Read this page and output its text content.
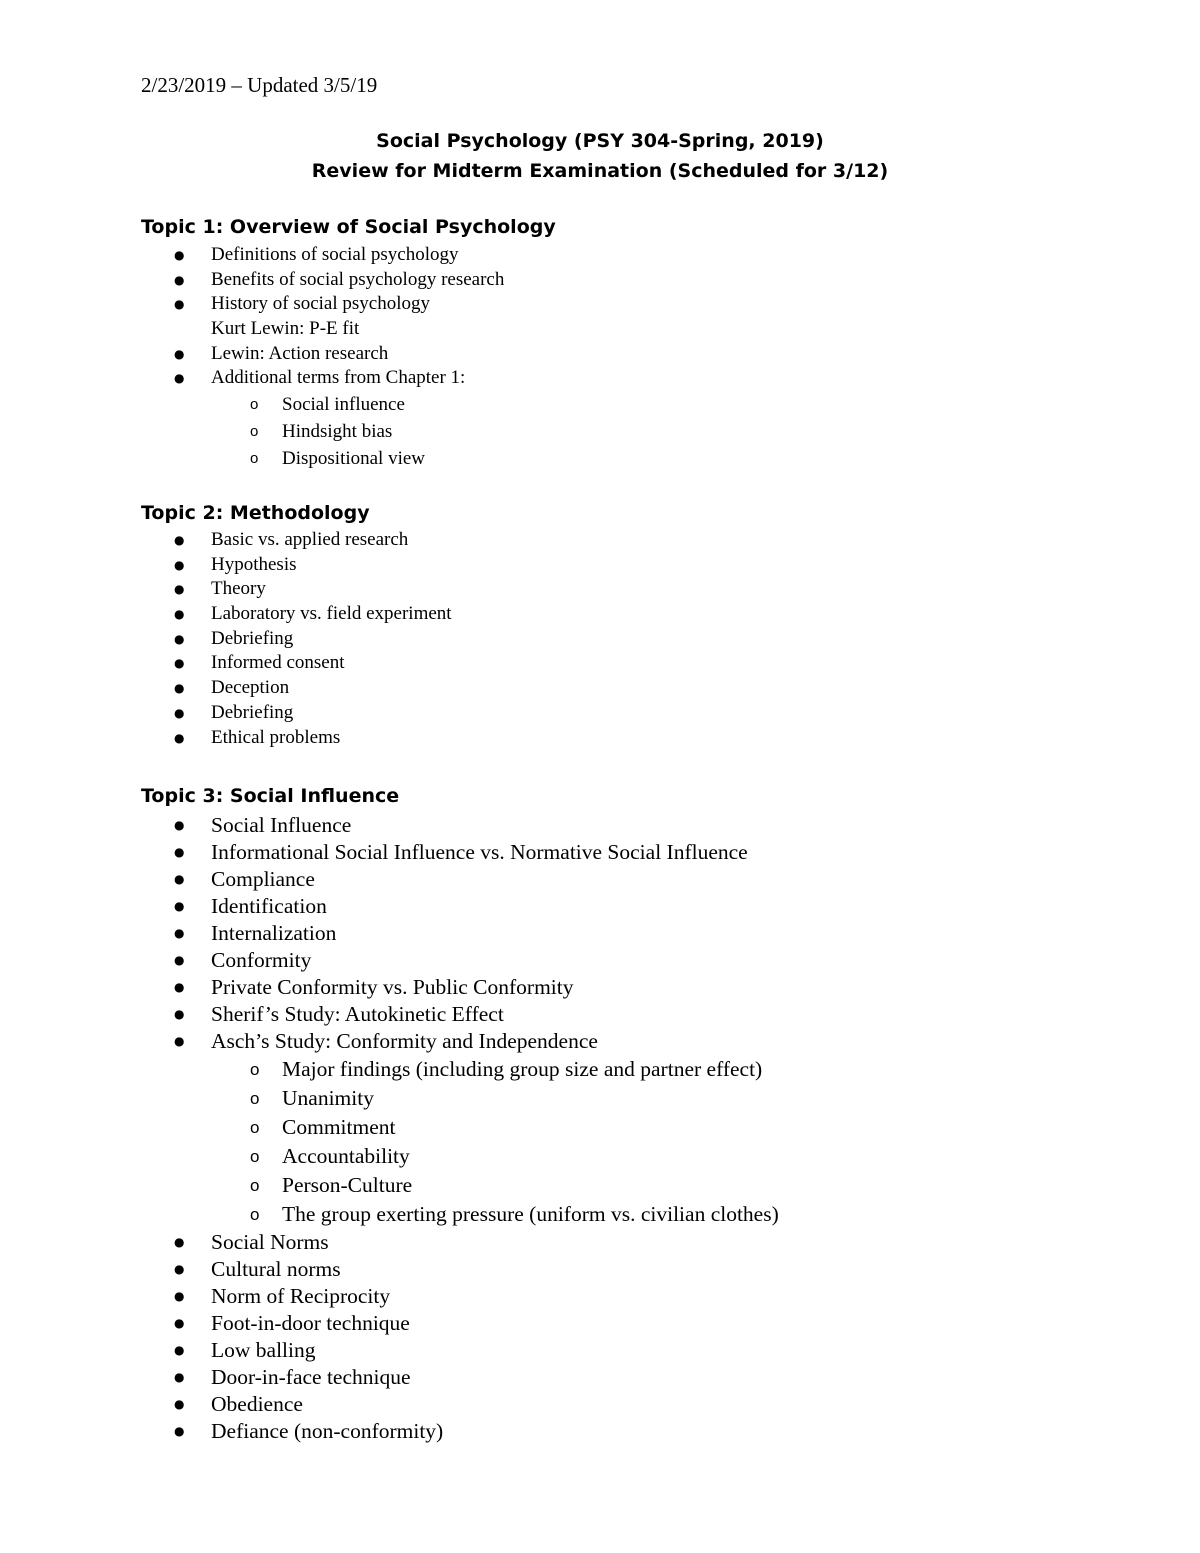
2/23/2019 – Updated 3/5/19
Social Psychology (PSY 304-Spring, 2019)
Review for Midterm Examination (Scheduled for 3/12)
Topic 1: Overview of Social Psychology
● Definitions of social psychology
● Benefits of social psychology research
● History of social psychology
Kurt Lewin: P-E fit
● Lewin: Action research
● Additional terms from Chapter 1:
o Social influence
o Hindsight bias
o Dispositional view
Topic 2: Methodology
● Basic vs. applied research
● Hypothesis
● Theory
● Laboratory vs. field experiment
● Debriefing
● Informed consent
● Deception
● Debriefing
● Ethical problems
Topic 3: Social Influence
● Social Influence
● Informational Social Influence vs. Normative Social Influence
● Compliance
● Identification
● Internalization
● Conformity
● Private Conformity vs. Public Conformity
● Sherif’s Study: Autokinetic Effect
● Asch’s Study: Conformity and Independence
o Major findings (including group size and partner effect)
o Unanimity
o Commitment
o Accountability
o Person-Culture
o The group exerting pressure (uniform vs. civilian clothes)
● Social Norms
● Cultural norms
● Norm of Reciprocity
● Foot-in-door technique
● Low balling
● Door-in-face technique
● Obedience
● Defiance (non-conformity)
